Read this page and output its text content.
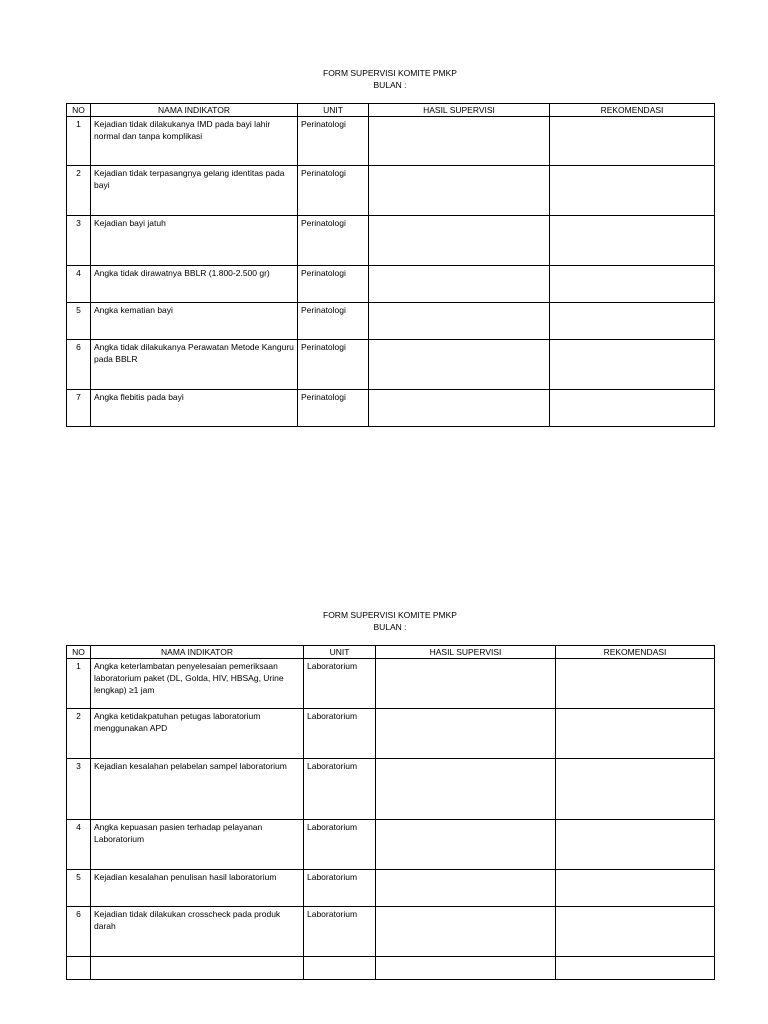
FORM SUPERVISI KOMITE PMKP

BULAN :

NO	NAMA INDIKATOR	UNIT	HASIL SUPERVISI	REKOMENDASI
1	Kejadian tidak dilakukanya IMD pada bayi lahir normal dan tanpa komplikasi	Perinatologi		
2	Kejadian tidak terpasangnya gelang identitas pada bayi	Perinatologi		
3	Kejadian bayi jatuh	Perinatologi		
4	Angka tidak dirawatnya BBLR (1.800-2.500 gr)	Perinatologi		
5	Angka kematian bayi	Perinatologi		
6	Angka tidak dilakukanya Perawatan Metode Kanguru pada BBLR	Perinatologi		
7	Angka flebitis pada bayi	Perinatologi		

FORM SUPERVISI KOMITE PMKP

BULAN :

NO	NAMA INDIKATOR	UNIT	HASIL SUPERVISI	REKOMENDASI
1	Angka keterlambatan penyelesaian pemeriksaan laboratorium paket (DL, Golda, HIV, HBSAg, Urine lengkap) ≥1 jam	Laboratorium		
2	Angka ketidakpatuhan petugas laboratorium menggunakan APD	Laboratorium		
3	Kejadian kesalahan pelabelan sampel laboratorium	Laboratorium		
4	Angka kepuasan pasien terhadap pelayanan Laboratorium	Laboratorium		
5	Kejadian kesalahan penulisan hasil laboratorium	Laboratorium		
6	Kejadian tidak dilakukan crosscheck pada produk darah	Laboratorium		
